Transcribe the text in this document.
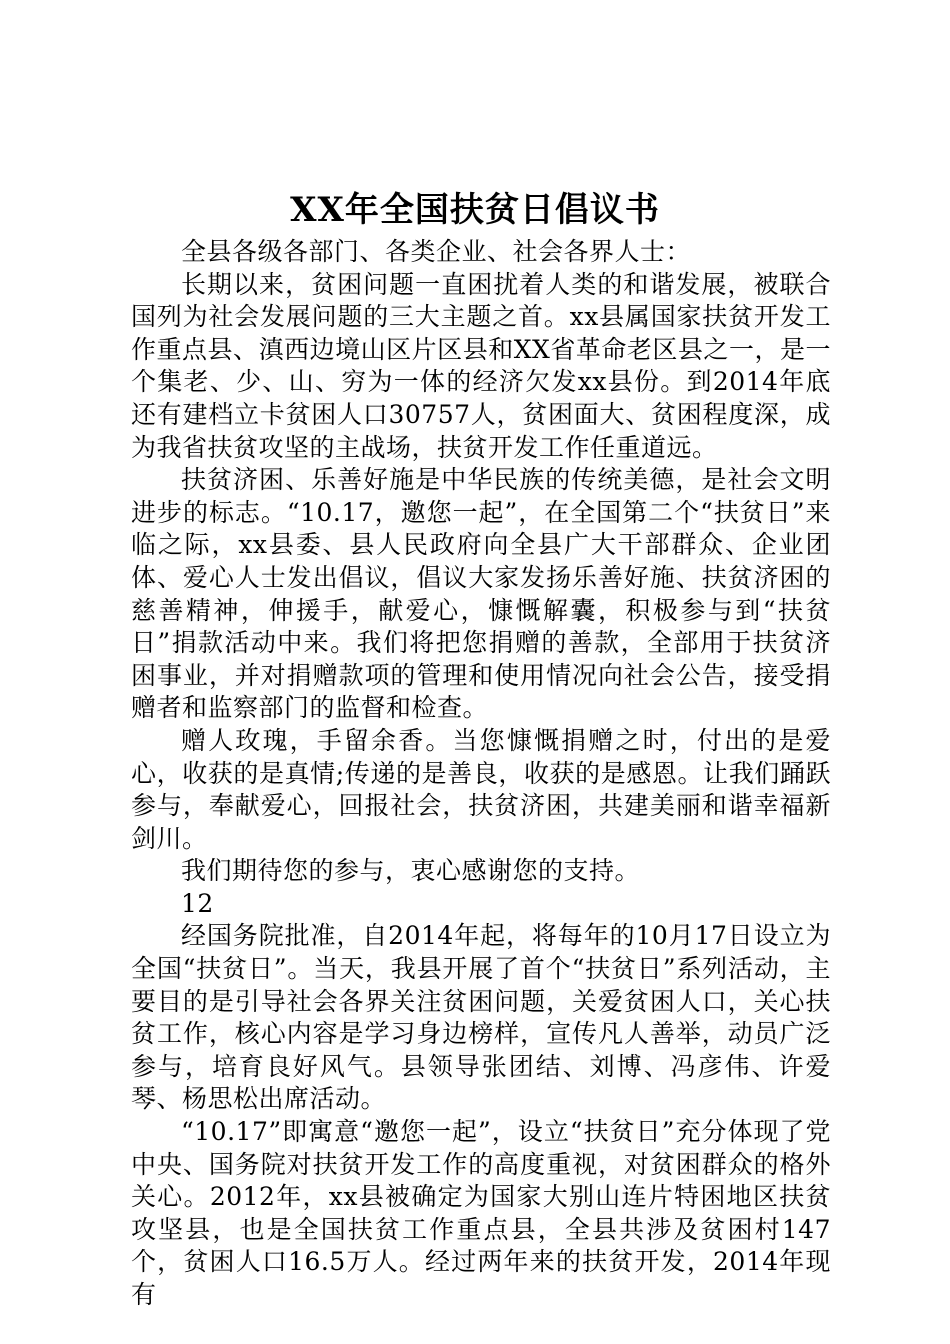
XX年全国扶贫日倡议书

全县各级各部门、各类企业、社会各界人士：

长期以来，贫困问题一直困扰着人类的和谐发展，被联合国列为社会发展问题的三大主题之首。xx县属国家扶贫开发工作重点县、滇西边境山区片区县和XX省革命老区县之一，是一个集老、少、山、穷为一体的经济欠发xx县份。到2014年底还有建档立卡贫困人口30757人，贫困面大、贫困程度深，成为我省扶贫攻坚的主战场，扶贫开发工作任重道远。

扶贫济困、乐善好施是中华民族的传统美德，是社会文明进步的标志。“10.17，邀您一起”，在全国第二个“扶贫日”来临之际，xx县委、县人民政府向全县广大干部群众、企业团体、爱心人士发出倡议，倡议大家发扬乐善好施、扶贫济困的慈善精神，伸援手，献爱心，慷慨解囊，积极参与到“扶贫日”捐款活动中来。我们将把您捐赠的善款，全部用于扶贫济困事业，并对捐赠款项的管理和使用情况向社会公告，接受捐赠者和监察部门的监督和检查。

赠人玫瑰，手留余香。当您慷慨捐赠之时，付出的是爱心，收获的是真情;传递的是善良，收获的是感恩。让我们踊跃参与，奉献爱心，回报社会，扶贫济困，共建美丽和谐幸福新剑川。

我们期待您的参与，衷心感谢您的支持。

12

经国务院批准，自2014年起，将每年的10月17日设立为全国“扶贫日”。当天，我县开展了首个“扶贫日”系列活动，主要目的是引导社会各界关注贫困问题，关爱贫困人口，关心扶贫工作，核心内容是学习身边榜样，宣传凡人善举，动员广泛参与，培育良好风气。县领导张团结、刘博、冯彦伟、许爱琴、杨思松出席活动。

“10.17”即寓意“邀您一起”，设立“扶贫日”充分体现了党中央、国务院对扶贫开发工作的高度重视，对贫困群众的格外关心。2012年，xx县被确定为国家大别山连片特困地区扶贫攻坚县，也是全国扶贫工作重点县，全县共涉及贫困村147个，贫困人口16.5万人。经过两年来的扶贫开发，2014年现有
